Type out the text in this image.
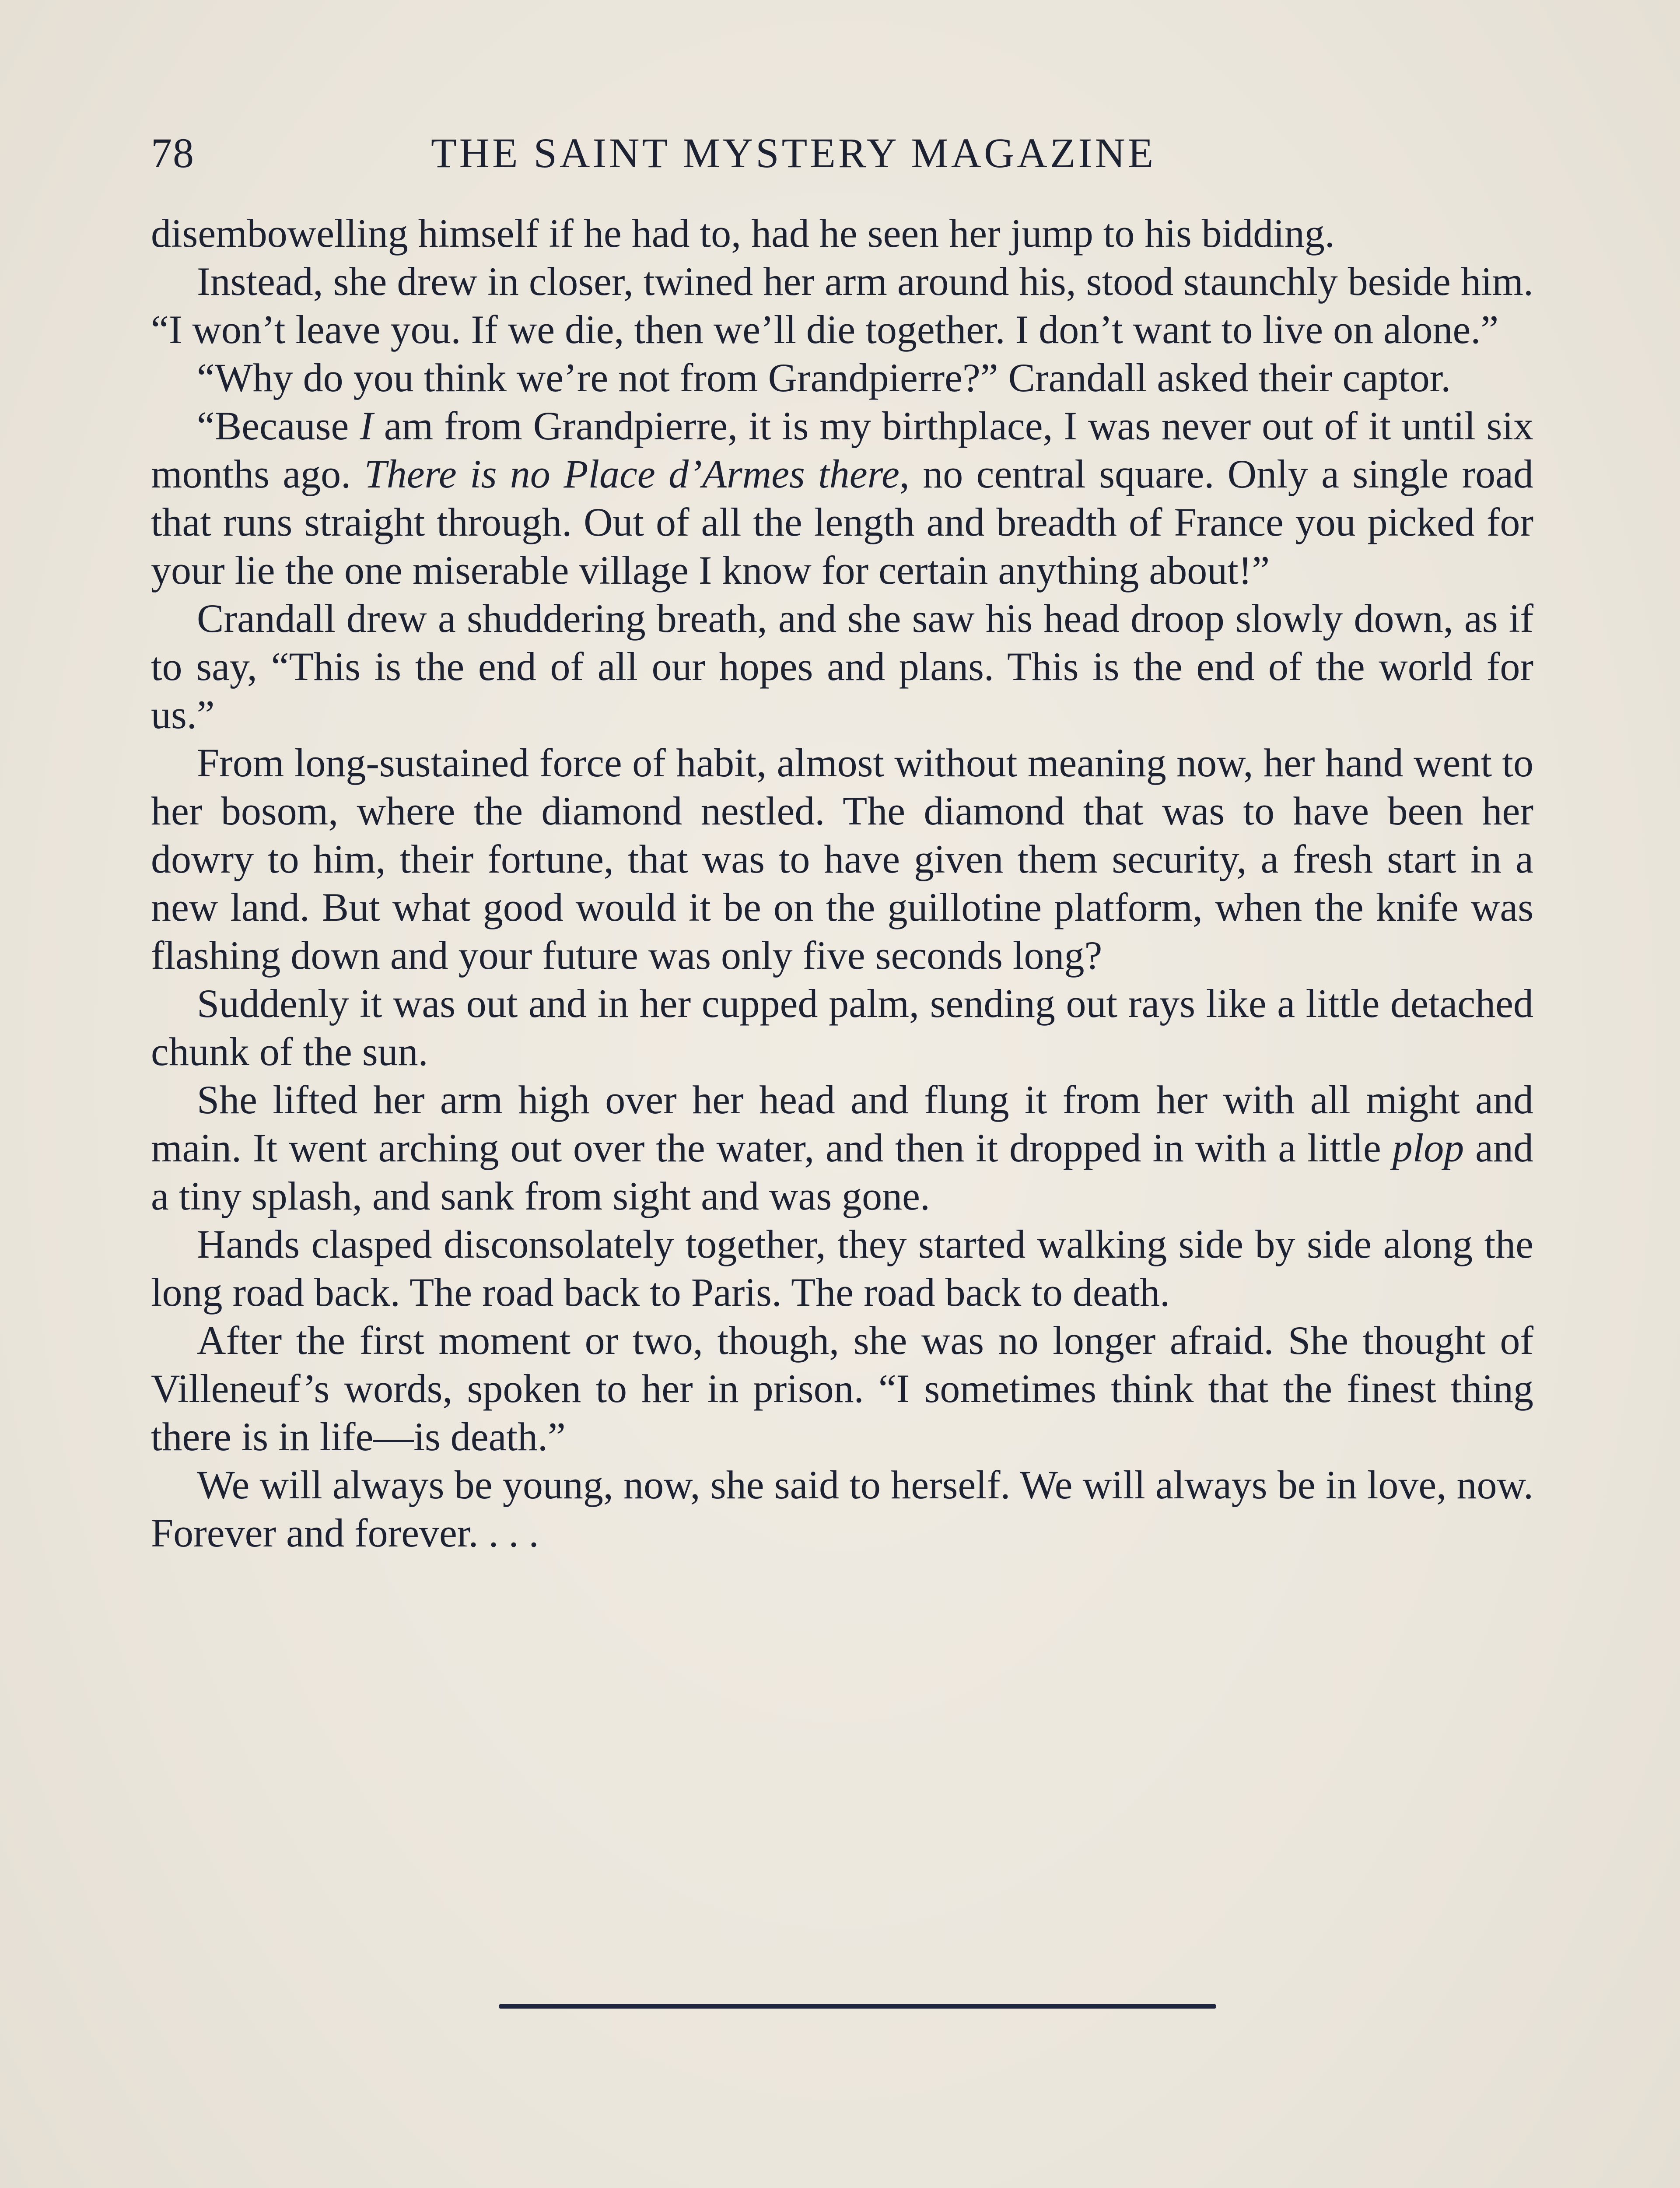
78	THE SAINT MYSTERY MAGAZINE

disembowelling himself if he had to, had he seen her jump to his bidding.

Instead, she drew in closer, twined her arm around his, stood staunchly beside him. “I won’t leave you. If we die, then we’ll die together. I don’t want to live on alone.”

“Why do you think we’re not from Grandpierre?” Crandall asked their captor.

“Because I am from Grandpierre, it is my birthplace, I was never out of it until six months ago. There is no Place d’Armes there, no central square. Only a single road that runs straight through. Out of all the length and breadth of France you picked for your lie the one miserable village I know for certain anything about!”

Crandall drew a shuddering breath, and she saw his head droop slowly down, as if to say, “This is the end of all our hopes and plans. This is the end of the world for us.”

From long-sustained force of habit, almost without meaning now, her hand went to her bosom, where the diamond nestled. The diamond that was to have been her dowry to him, their fortune, that was to have given them security, a fresh start in a new land. But what good would it be on the guillotine platform, when the knife was flashing down and your future was only five seconds long?

Suddenly it was out and in her cupped palm, sending out rays like a little detached chunk of the sun.

She lifted her arm high over her head and flung it from her with all might and main. It went arching out over the water, and then it dropped in with a little plop and a tiny splash, and sank from sight and was gone.

Hands clasped disconsolately together, they started walking side by side along the long road back. The road back to Paris. The road back to death.

After the first moment or two, though, she was no longer afraid. She thought of Villeneuf’s words, spoken to her in prison. “I sometimes think that the finest thing there is in life—is death.”

We will always be young, now, she said to herself. We will always be in love, now. Forever and forever. . . .
